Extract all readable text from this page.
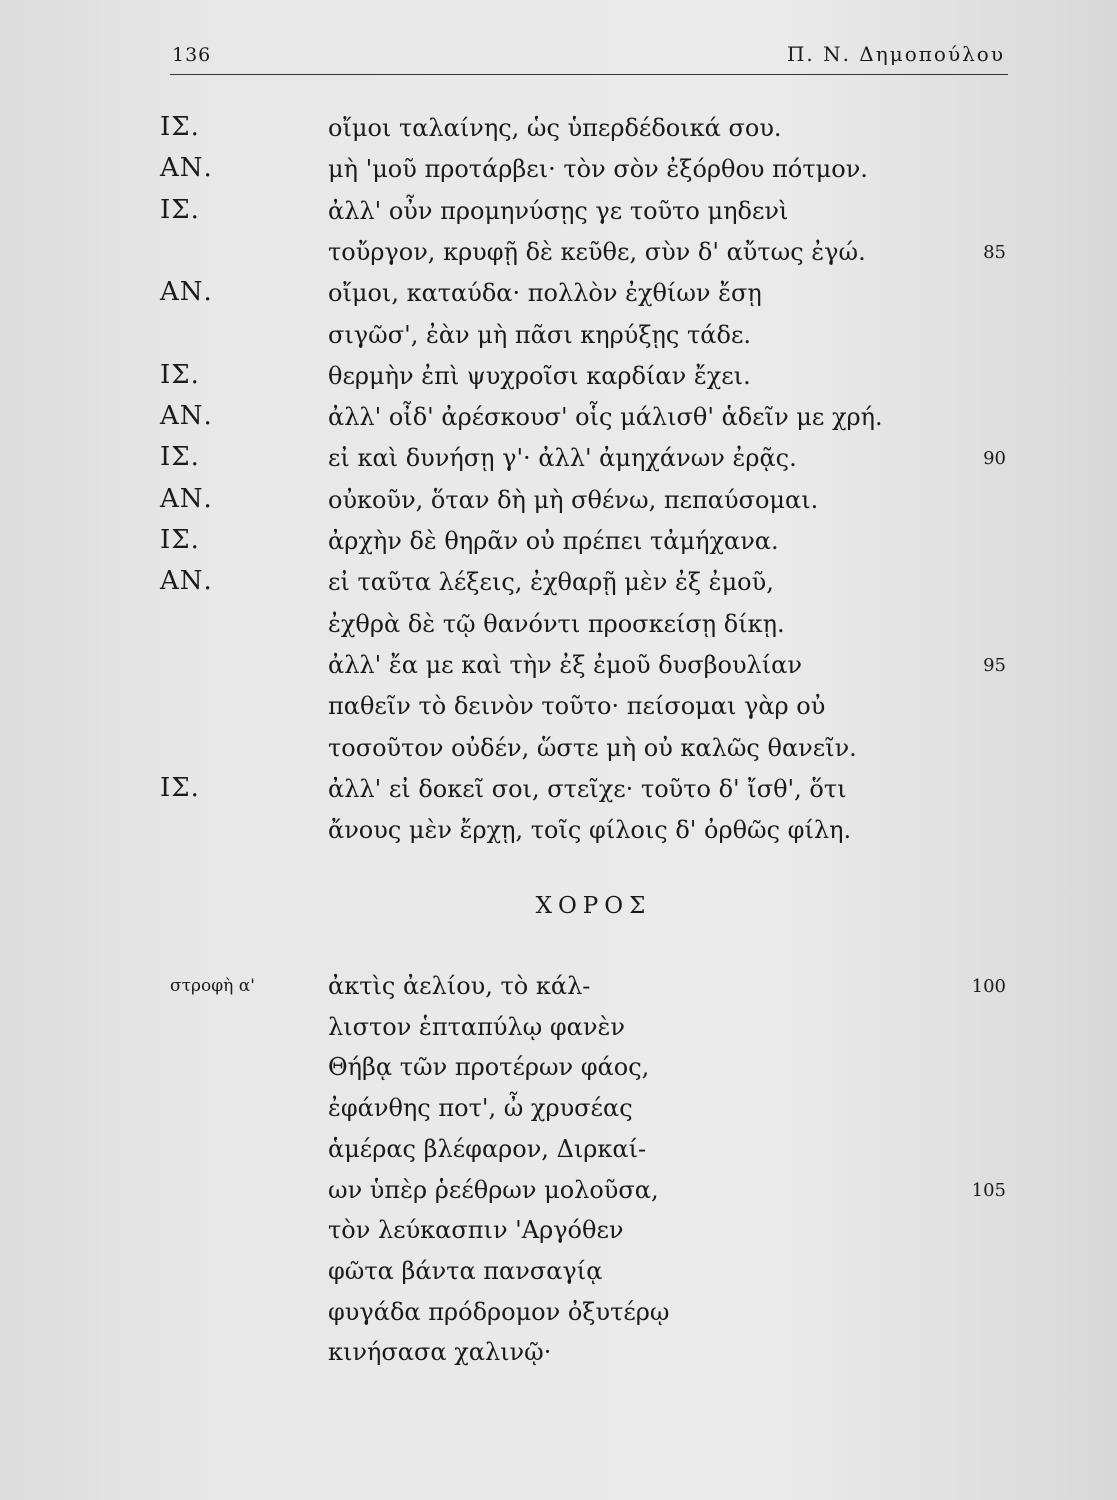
136	Π. Ν. Δημοπούλου
ΙΣ.	οἴμοι ταλαίνης, ὡς ὑπερδέδοικά σου.
ΑΝ.	μὴ 'μοῦ προτάρβει· τὸν σὸν ἐξόρθου πότμον.
ΙΣ.	ἀλλ' οὖν προμηνύσῃς γε τοῦτο μηδενὶ
τοὔργον, κρυφῇ δὲ κεῦθε, σὺν δ' αὔτως ἐγώ.	85
ΑΝ.	οἴμοι, καταύδα· πολλὸν ἐχθίων ἔσῃ
σιγῶσ', ἐὰν μὴ πᾶσι κηρύξῃς τάδε.
ΙΣ.	θερμὴν ἐπὶ ψυχροῖσι καρδίαν ἔχει.
ΑΝ.	ἀλλ' οἶδ' ἀρέσκουσ' οἷς μάλισθ' ἁδεῖν με χρή.
ΙΣ.	εἰ καὶ δυνήσῃ γ'· ἀλλ' ἀμηχάνων ἐρᾷς.	90
ΑΝ.	οὐκοῦν, ὅταν δὴ μὴ σθένω, πεπαύσομαι.
ΙΣ.	ἀρχὴν δὲ θηρᾶν οὐ πρέπει τἀμήχανα.
ΑΝ.	εἰ ταῦτα λέξεις, ἐχθαρῇ μὲν ἐξ ἐμοῦ,
ἐχθρὰ δὲ τῷ θανόντι προσκείσῃ δίκῃ.
ἀλλ' ἔα με καὶ τὴν ἐξ ἐμοῦ δυσβουλίαν	95
παθεῖν τὸ δεινὸν τοῦτο· πείσομαι γὰρ οὐ
τοσοῦτον οὐδέν, ὥστε μὴ οὐ καλῶς θανεῖν.
ΙΣ.	ἀλλ' εἰ δοκεῖ σοι, στεῖχε· τοῦτο δ' ἴσθ', ὅτι
ἄνους μὲν ἔρχῃ, τοῖς φίλοις δ' ὀρθῶς φίλη.
ΧΟΡΟΣ
στροφὴ α'	ἀκτὶς ἀελίου, τὸ κάλ-	100
λιστον ἑπταπύλῳ φανὲν
Θήβᾳ τῶν προτέρων φάος,
ἐφάνθης ποτ', ὦ χρυσέας
ἁμέρας βλέφαρον, Διρκαί-
ων ὑπὲρ ῥεέθρων μολοῦσα,	105
τὸν λεύκασπιν 'Αργόθεν
φῶτα βάντα πανσαγίᾳ
φυγάδα πρόδρομον ὀξυτέρῳ
κινήσασα χαλινῷ·
